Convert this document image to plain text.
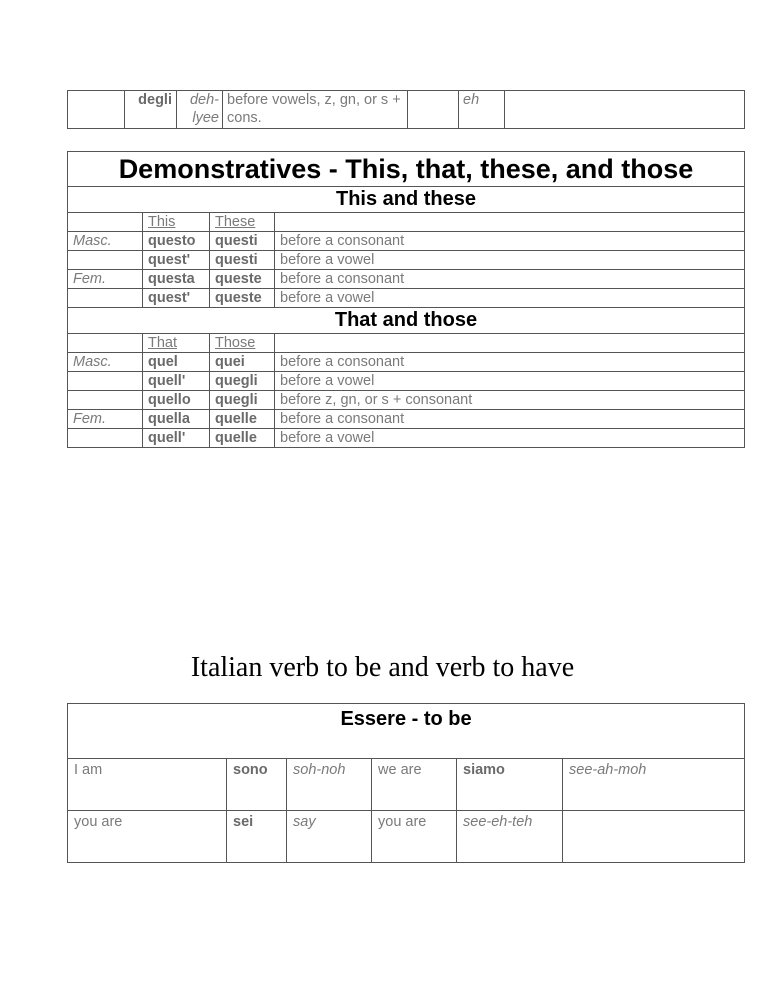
	degli	deh-lyee	before vowels, z, gn, or s + cons.		eh	
Demonstratives - This, that, these, and those			
This and these			
	This	These	
Masc.	questo	questi	before a consonant
	quest'	questi	before a vowel
Fem.	questa	queste	before a consonant
	quest'	queste	before a vowel
That and those			
	That	Those	
Masc.	quel	quei	before a consonant
	quell'	quegli	before a vowel
	quello	quegli	before z, gn, or s + consonant
Fem.	quella	quelle	before a consonant
	quell'	quelle	before a vowel
Italian verb to be and verb to have
Essere - to be					
I am	sono	soh-noh	we are	siamo	see-ah-moh
you are	sei	say	you are	see-eh-teh	
